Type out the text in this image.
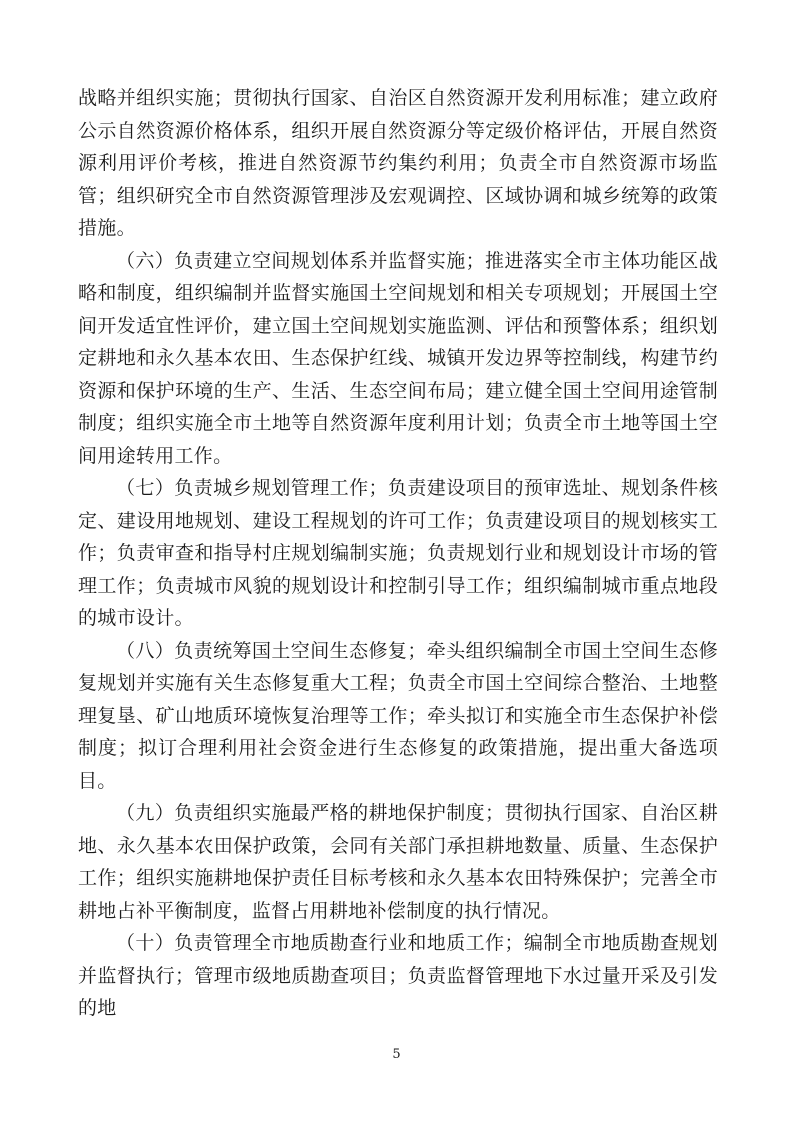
战略并组织实施；贯彻执行国家、自治区自然资源开发利用标准；建立政府公示自然资源价格体系，组织开展自然资源分等定级价格评估，开展自然资源利用评价考核，推进自然资源节约集约利用；负责全市自然资源市场监管；组织研究全市自然资源管理涉及宏观调控、区域协调和城乡统筹的政策措施。

（六）负责建立空间规划体系并监督实施；推进落实全市主体功能区战略和制度，组织编制并监督实施国土空间规划和相关专项规划；开展国土空间开发适宜性评价，建立国土空间规划实施监测、评估和预警体系；组织划定耕地和永久基本农田、生态保护红线、城镇开发边界等控制线，构建节约资源和保护环境的生产、生活、生态空间布局；建立健全国土空间用途管制制度；组织实施全市土地等自然资源年度利用计划；负责全市土地等国土空间用途转用工作。

（七）负责城乡规划管理工作；负责建设项目的预审选址、规划条件核定、建设用地规划、建设工程规划的许可工作；负责建设项目的规划核实工作；负责审查和指导村庄规划编制实施；负责规划行业和规划设计市场的管理工作；负责城市风貌的规划设计和控制引导工作；组织编制城市重点地段的城市设计。

（八）负责统筹国土空间生态修复；牵头组织编制全市国土空间生态修复规划并实施有关生态修复重大工程；负责全市国土空间综合整治、土地整理复垦、矿山地质环境恢复治理等工作；牵头拟订和实施全市生态保护补偿制度；拟订合理利用社会资金进行生态修复的政策措施，提出重大备选项目。

（九）负责组织实施最严格的耕地保护制度；贯彻执行国家、自治区耕地、永久基本农田保护政策，会同有关部门承担耕地数量、质量、生态保护工作；组织实施耕地保护责任目标考核和永久基本农田特殊保护；完善全市耕地占补平衡制度，监督占用耕地补偿制度的执行情况。

（十）负责管理全市地质勘查行业和地质工作；编制全市地质勘查规划并监督执行；管理市级地质勘查项目；负责监督管理地下水过量开采及引发的地

5
